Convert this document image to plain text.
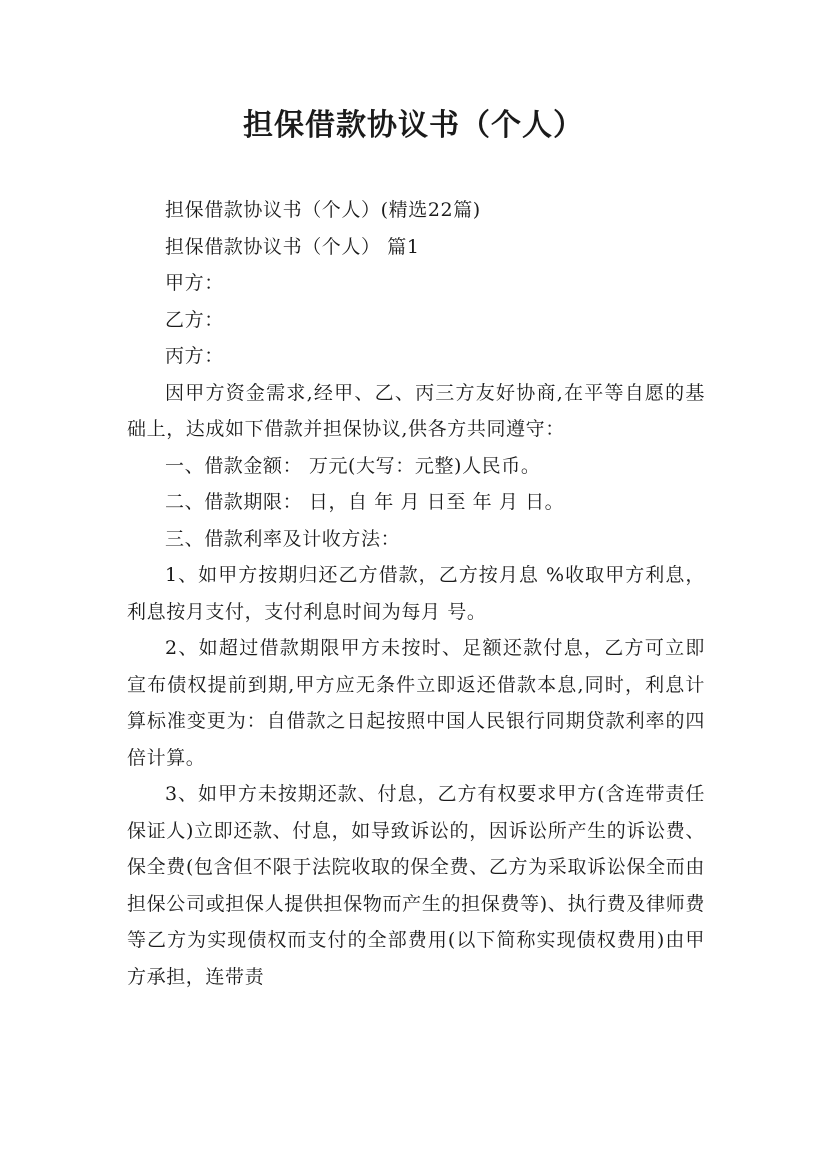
担保借款协议书（个人）

担保借款协议书（个人）(精选22篇)

担保借款协议书（个人） 篇1

甲方：

乙方：

丙方：

因甲方资金需求,经甲、乙、丙三方友好协商,在平等自愿的基础上，达成如下借款并担保协议,供各方共同遵守：

一、借款金额： 万元(大写：元整)人民币。

二、借款期限： 日，自 年 月 日至 年 月 日。

三、借款利率及计收方法：

1、如甲方按期归还乙方借款，乙方按月息 %收取甲方利息，利息按月支付，支付利息时间为每月 号。

2、如超过借款期限甲方未按时、足额还款付息，乙方可立即宣布债权提前到期,甲方应无条件立即返还借款本息,同时，利息计算标准变更为：自借款之日起按照中国人民银行同期贷款利率的四倍计算。

3、如甲方未按期还款、付息，乙方有权要求甲方(含连带责任保证人)立即还款、付息，如导致诉讼的，因诉讼所产生的诉讼费、保全费(包含但不限于法院收取的保全费、乙方为采取诉讼保全而由担保公司或担保人提供担保物而产生的担保费等)、执行费及律师费等乙方为实现债权而支付的全部费用(以下简称实现债权费用)由甲方承担，连带责
